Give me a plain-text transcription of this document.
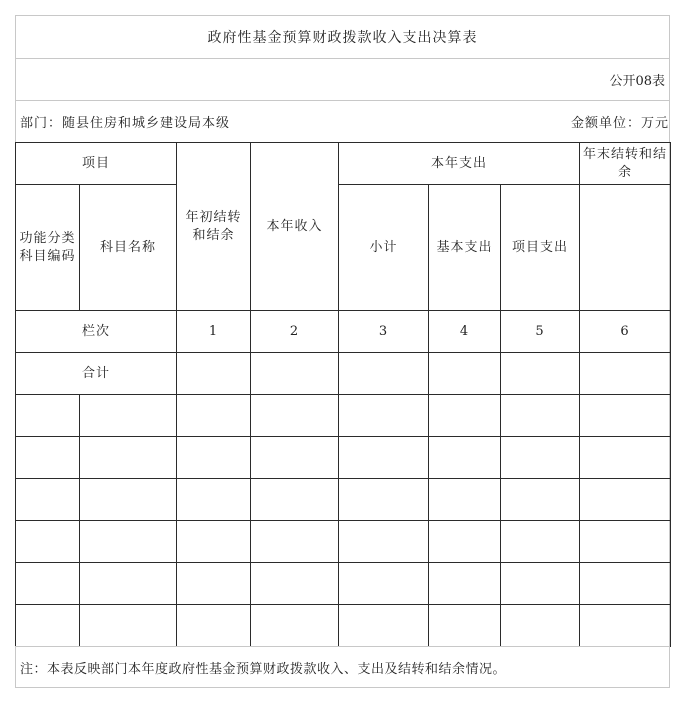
政府性基金预算财政拨款收入支出决算表
公开08表
部门：随县住房和城乡建设局本级	金额单位：万元
项目		年初结转和结余	本年收入	本年支出			年末结转和结余
功能分类科目编码	科目名称			小计	基本支出	项目支出	
栏次		1	2	3	4	5	6
合计							

注：本表反映部门本年度政府性基金预算财政拨款收入、支出及结转和结余情况。
